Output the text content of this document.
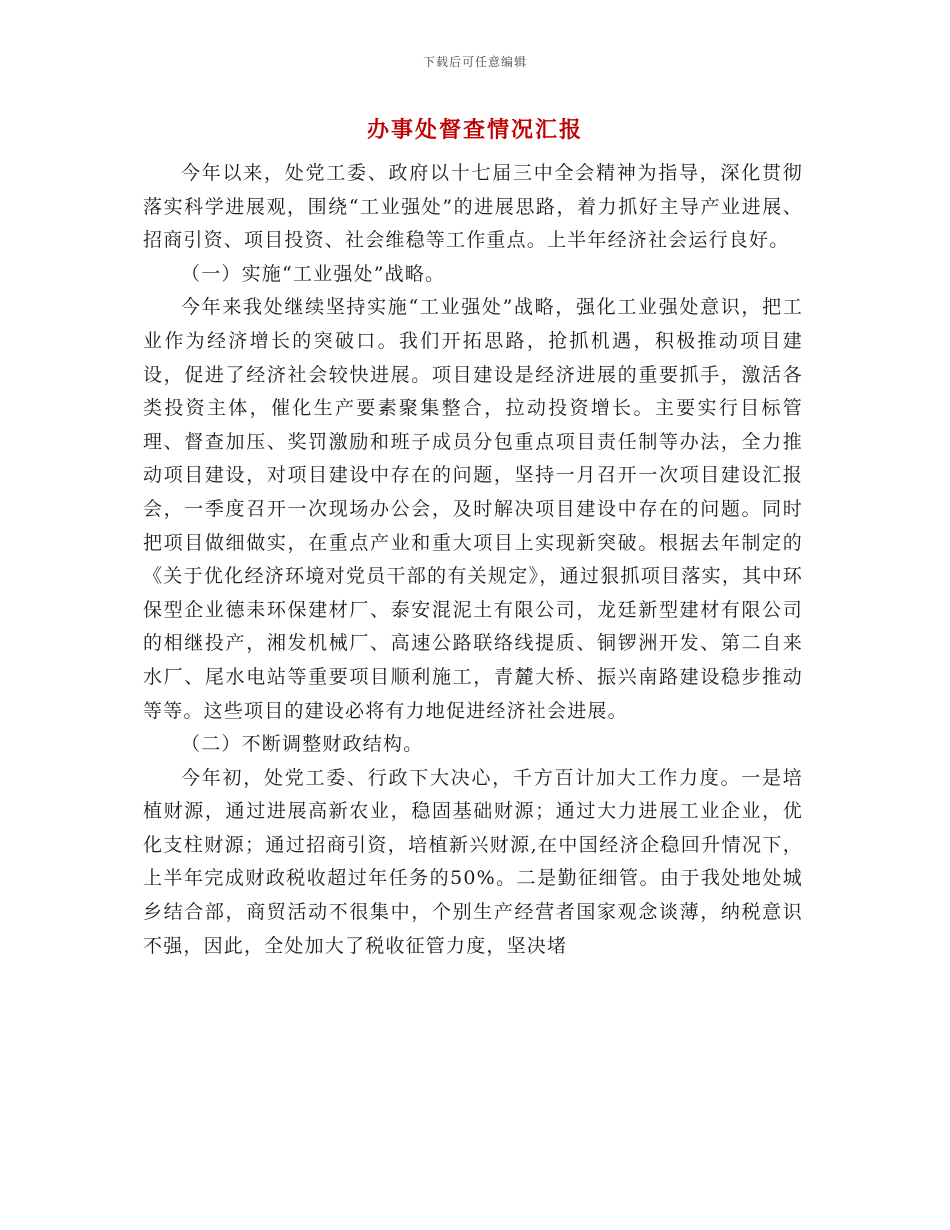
下载后可任意编辑
办事处督查情况汇报

今年以来，处党工委、政府以十七届三中全会精神为指导，深化贯彻落实科学进展观，围绕“工业强处”的进展思路，着力抓好主导产业进展、招商引资、项目投资、社会维稳等工作重点。上半年经济社会运行良好。

（一）实施“工业强处”战略。

今年来我处继续坚持实施“工业强处”战略，强化工业强处意识，把工业作为经济增长的突破口。我们开拓思路，抢抓机遇，积极推动项目建设，促进了经济社会较快进展。项目建设是经济进展的重要抓手，激活各类投资主体，催化生产要素聚集整合，拉动投资增长。主要实行目标管理、督查加压、奖罚激励和班子成员分包重点项目责任制等办法，全力推动项目建设，对项目建设中存在的问题，坚持一月召开一次项目建设汇报会，一季度召开一次现场办公会，及时解决项目建设中存在的问题。同时把项目做细做实，在重点产业和重大项目上实现新突破。根据去年制定的《关于优化经济环境对党员干部的有关规定》，通过狠抓项目落实，其中环保型企业德耒环保建材厂、泰安混泥土有限公司，龙廷新型建材有限公司的相继投产，湘发机械厂、高速公路联络线提质、铜锣洲开发、第二自来水厂、尾水电站等重要项目顺利施工，青麓大桥、振兴南路建设稳步推动等等。这些项目的建设必将有力地促进经济社会进展。

（二）不断调整财政结构。

今年初，处党工委、行政下大决心，千方百计加大工作力度。一是培植财源，通过进展高新农业，稳固基础财源；通过大力进展工业企业，优化支柱财源；通过招商引资，培植新兴财源,在中国经济企稳回升情况下，上半年完成财政税收超过年任务的50%。二是勤征细管。由于我处地处城乡结合部，商贸活动不很集中，个别生产经营者国家观念谈薄，纳税意识不强，因此，全处加大了税收征管力度，坚决堵
